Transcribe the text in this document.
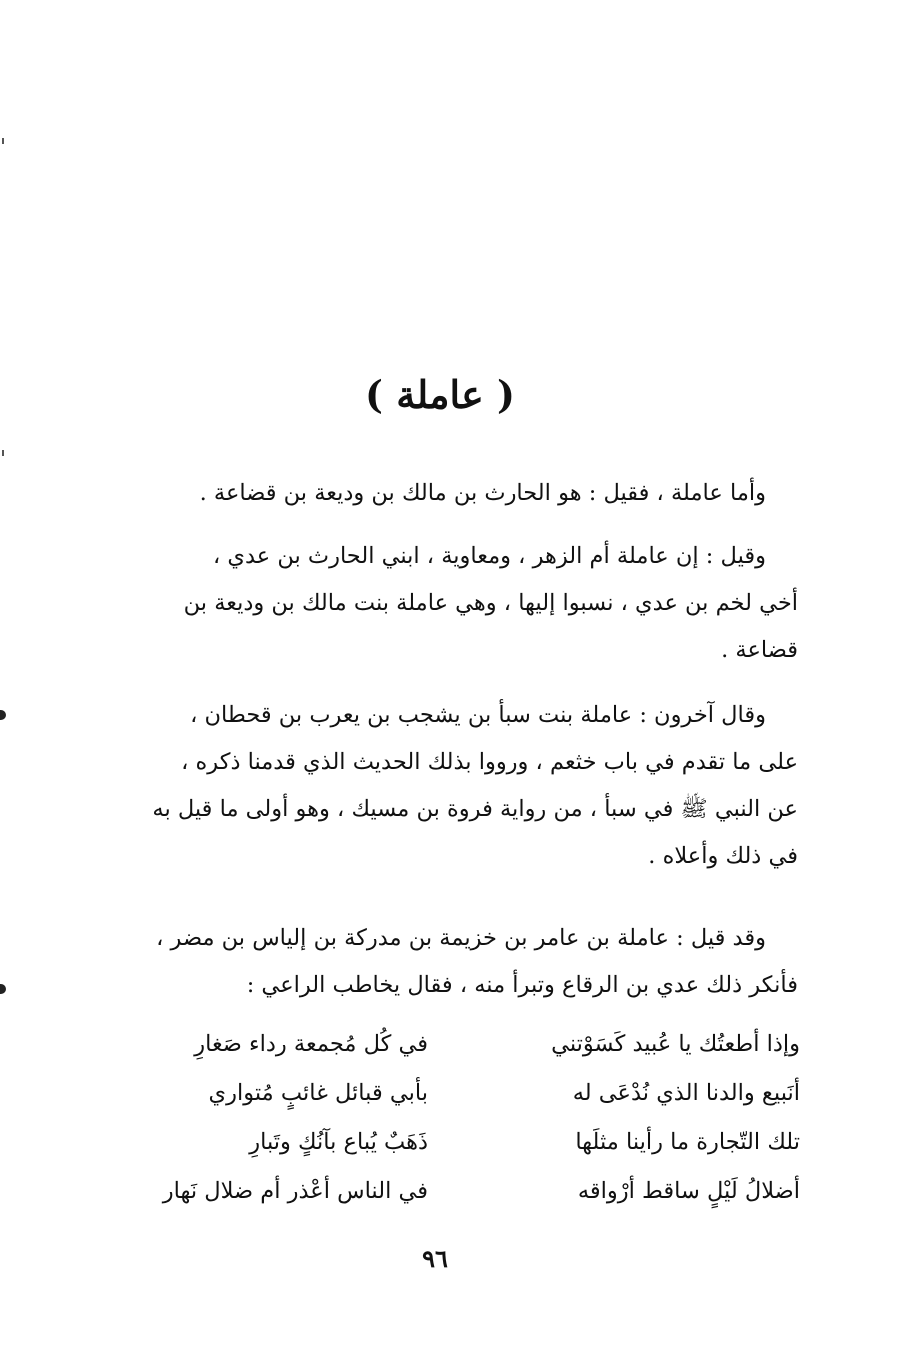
( عاملة )

وأما عاملة ، فقيل : هو الحارث بن مالك بن وديعة بن قضاعة .

وقيل : إن عاملة أم الزهر ، ومعاوية ، ابني الحارث بن عدي ،
أخي لخم بن عدي ، نسبوا إليها ، وهي عاملة بنت مالك بن وديعة بن
قضاعة .

وقال آخرون : عاملة بنت سبأ بن يشجب بن يعرب بن قحطان ،
على ما تقدم في باب خثعم ، ورووا بذلك الحديث الذي قدمنا ذكره ،
عن النبي ﷺ في سبأ ، من رواية فروة بن مسيك ، وهو أولى ما قيل به
في ذلك وأعلاه .

وقد قيل : عاملة بن عامر بن خزيمة بن مدركة بن إلياس بن مضر ،
فأنكر ذلك عدي بن الرقاع وتبرأ منه ، فقال يخاطب الراعي :

وإذا أطعتُك يا عُبيد كَسَوْتني
في كُل مُجمعة رداء صَغارِ
أنَبيع والدنا الذي نُدْعَى له
بأبي قبائل غائبٍ مُتواري
تلك التّجارة ما رأينا مثلَها
ذَهَبٌ يُباع بآنُكٍ وتَبارِ
أضلالُ لَيْلٍ ساقط أرْواقه
في الناس أعْذر أم ضلال نَهار
٩٦
